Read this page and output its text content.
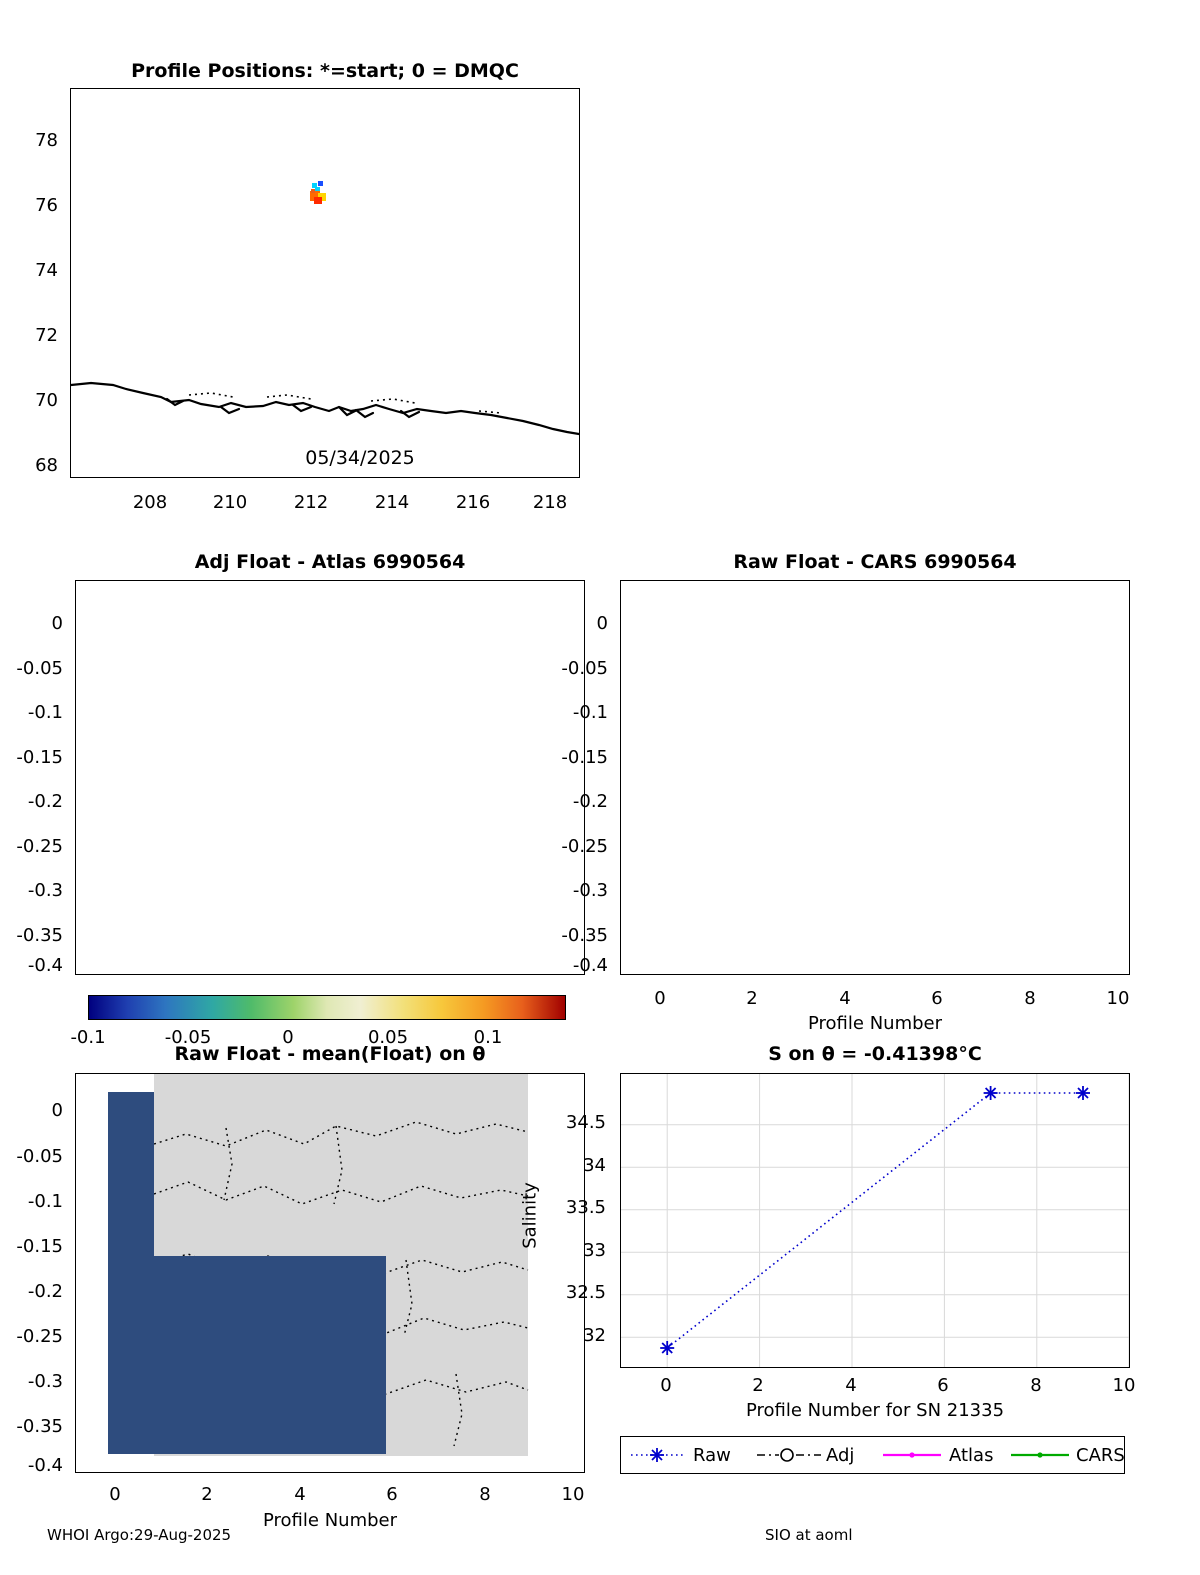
Profile Positions: *=start; 0 = DMQC
05/34/2025
78
76
74
72
70
68
208	210	212	214	216	218
Adj Float - Atlas 6990564
0
-0.05
-0.1
-0.15
-0.2
-0.25
-0.3
-0.35
-0.4
Raw Float - CARS 6990564
0
-0.05
-0.1
-0.15
-0.2
-0.25
-0.3
-0.35
-0.4
0	2	4	6	8	10
Profile Number
-0.1	-0.05	0	0.05	0.1
Raw Float - mean(Float) on θ
0
-0.05
-0.1
-0.15
-0.2
-0.25
-0.3
-0.35
-0.4
0	2	4	6	8	10
Profile Number
S on θ = -0.41398°C
34.5
34
33.5
33
32.5
32
Salinity
0	2	4	6	8	10
Profile Number for SN 21335
Raw	Adj	Atlas	CARS
WHOI Argo:29-Aug-2025	SIO at aoml
